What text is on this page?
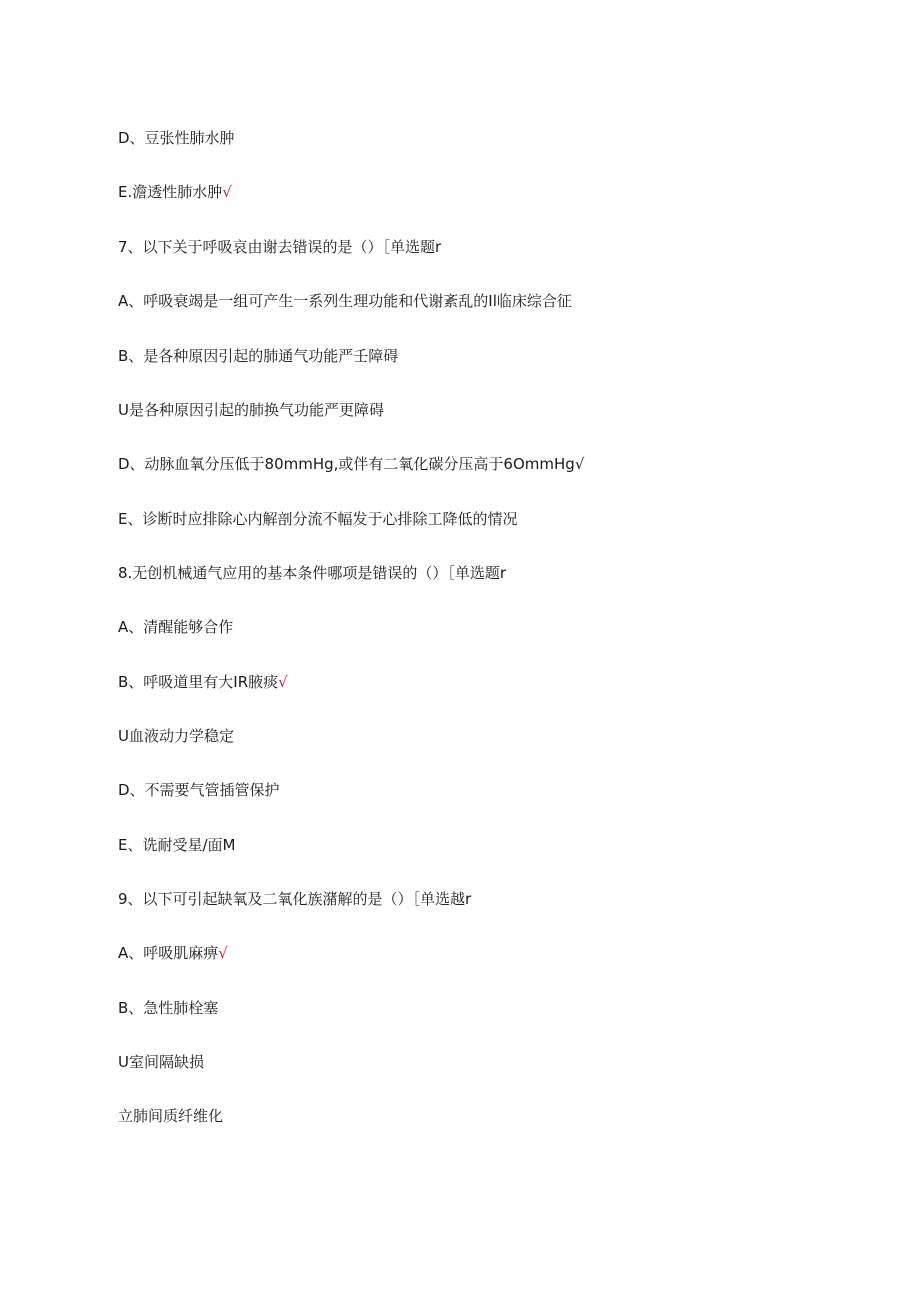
D、豆张性肺水肿
E.澹透性肺水肿√
7、以下关于呼吸哀由谢去错误的是（）［单选题r
A、呼吸衰竭是一组可产生一系列生理功能和代谢紊乱的Il临床综合征
B、是各种原因引起的肺通气功能严壬障碍
U是各种原因引起的肺换气功能严更障碍
D、动脉血氧分压低于80mmHg,或伴有二氧化碳分压高于6OmmHg√
E、诊断时应排除心内解剖分流不幅发于心排除工降低的情况
8.无创机械通气应用的基本条件哪项是错误的（）［单选题r
A、清醒能够合作
B、呼吸道里有大IR腋痰√
U血液动力学稳定
D、不需要气管插管保护
E、诜耐受星/面M
9、以下可引起缺氧及二氧化族潴解的是（）［单选越r
A、呼吸肌麻痹√
B、急性肺栓塞
U室间隔缺损
立肺间质纤维化
